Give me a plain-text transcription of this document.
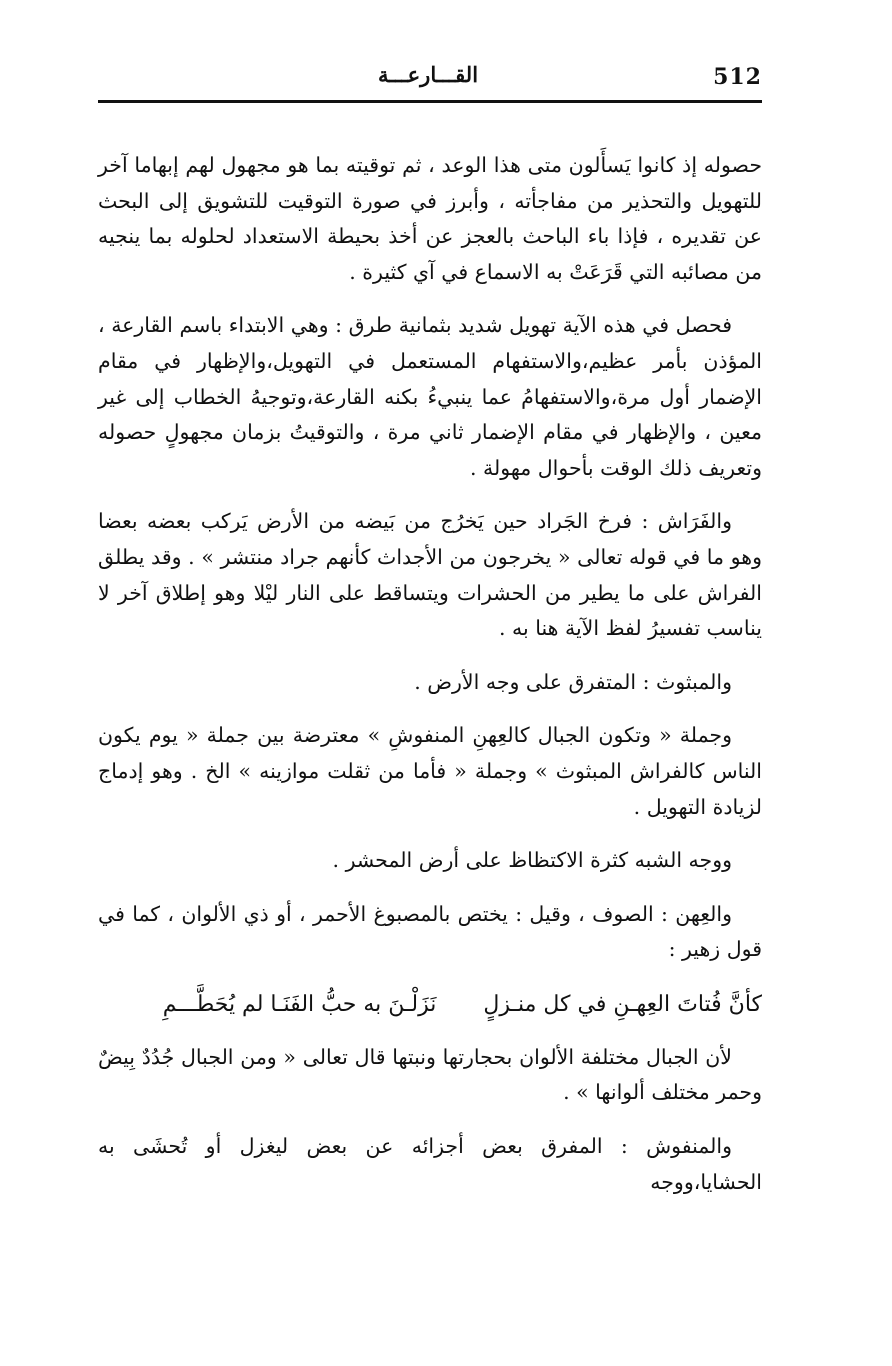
القـــارعـــة	512

حصوله إذ كانوا يَسأَلون متى هذا الوعد ، ثم توقيته بما هو مجهول لهم إبهاما آخر للتهويل والتحذير من مفاجأته ، وأبرز في صورة التوقيت للتشويق إلى البحث عن تقديره ، فإذا باء الباحث بالعجز عن أخذ بحيطة الاستعداد لحلوله بما ينجيه من مصائبه التي قَرَعَتْ به الاسماع في آي كثيرة .

فحصل في هذه الآية تهويل شديد بثمانية طرق : وهي الابتداء باسم القارعة ، المؤذن بأمر عظيم،والاستفهام المستعمل في التهويل،والإظهار في مقام الإضمار أول مرة،والاستفهامُ عما ينبيءُ بكنه القارعة،وتوجيهُ الخطاب إلى غير معين ، والإظهار في مقام الإضمار ثاني مرة ، والتوقيتُ بزمان مجهولٍ حصوله وتعريف ذلك الوقت بأحوال مهولة .

والفَرَاش : فرخ الجَراد حين يَخرُج من بَيضه من الأرض يَركب بعضه بعضا وهو ما في قوله تعالى « يخرجون من الأجداث كأنهم جراد منتشر » . وقد يطلق الفراش على ما يطير من الحشرات ويتساقط على النار ليْلا وهو إطلاق آخر لا يناسب تفسيرُ لفظ الآية هنا به .

والمبثوث : المتفرق على وجه الأرض .

وجملة « وتكون الجبال كالعِهنِ المنفوشِ » معترضة بين جملة « يوم يكون الناس كالفراش المبثوث » وجملة « فأما من ثقلت موازينه » الخ . وهو إدماج لزيادة التهويل .

ووجه الشبه كثرة الاكتظاظ على أرض المحشر .

والعِهن : الصوف ، وقيل : يختص بالمصبوغ الأحمر ، أو ذي الألوان ، كما في قول زهير :

كأنَّ فُتاتَ العِهـنِ في كل منـزلٍ نَزَلْـنَ به حبُّ الفَنَـا لم يُحَطَّـــمِ

لأن الجبال مختلفة الألوان بحجارتها ونبتها قال تعالى « ومن الجبال جُدُدٌ بِيضٌ وحمر مختلف ألوانها » .

والمنفوش : المفرق بعض أجزائه عن بعض ليغزل أو تُحشَى به الحشايا،ووجه
